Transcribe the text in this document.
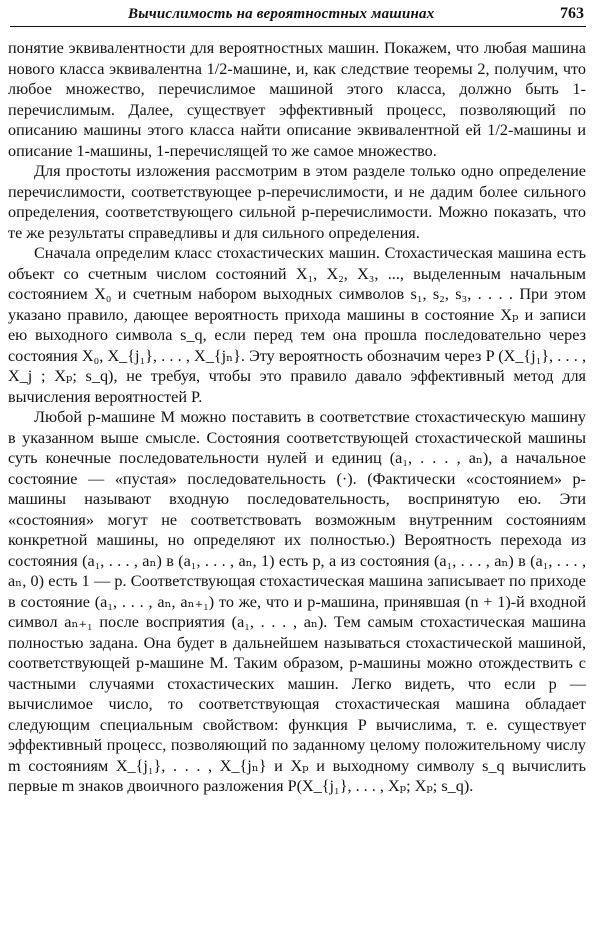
Вычислимость на вероятностных машинах	763

понятие эквивалентности для вероятностных машин. Покажем, что любая машина нового класса эквивалентна 1/2-машине, и, как следствие теоремы 2, получим, что любое множество, перечислимое машиной этого класса, должно быть 1-перечислимым. Далее, существует эффективный процесс, позволяющий по описанию машины этого класса найти описание эквивалентной ей 1/2-машины и описание 1-машины, 1-перечислящей то же самое множество.

Для простоты изложения рассмотрим в этом разделе только одно определение перечислимости, соответствующее p-перечислимости, и не дадим более сильного определения, соответствующего сильной p-перечислимости. Можно показать, что те же результаты справедливы и для сильного определения.

Сначала определим класс стохастических машин. Стохастическая машина есть объект со счетным числом состояний X₁, X₂, X₃, ..., выделенным начальным состоянием X₀ и счетным набором выходных символов s₁, s₂, s₃, . . . . При этом указано правило, дающее вероятность прихода машины в состояние Xₚ и записи ею выходного символа s_q, если перед тем она прошла последовательно через состояния X₀, X_{j₁}, . . . , X_{jₙ}. Эту вероятность обозначим через P (X_{j₁}, . . . , X_j ; Xₚ; s_q), не требуя, чтобы это правило давало эффективный метод для вычисления вероятностей P.

Любой p-машине M можно поставить в соответствие стохастическую машину в указанном выше смысле. Состояния соответствующей стохастической машины суть конечные последовательности нулей и единиц (a₁, . . . , aₙ), а начальное состояние — «пустая» последовательность (·). (Фактически «состоянием» p-машины называют входную последовательность, воспринятую ею. Эти «состояния» могут не соответствовать возможным внутренним состояниям конкретной машины, но определяют их полностью.) Вероятность перехода из состояния (a₁, . . . , aₙ) в (a₁, . . . , aₙ, 1) есть p, а из состояния (a₁, . . . , aₙ) в (a₁, . . . , aₙ, 0) есть 1 — p. Соответствующая стохастическая машина записывает по приходе в состояние (a₁, . . . , aₙ, aₙ₊₁) то же, что и p-машина, принявшая (n + 1)-й входной символ aₙ₊₁ после восприятия (a₁, . . . , aₙ). Тем самым стохастическая машина полностью задана. Она будет в дальнейшем называться стохастической машиной, соответствующей p-машине M. Таким образом, p-машины можно отождествить с частными случаями стохастических машин. Легко видеть, что если p — вычислимое число, то соответствующая стохастическая машина обладает следующим специальным свойством: функция P вычислима, т. е. существует эффективный процесс, позволяющий по заданному целому положительному числу m состояниям X_{j₁}, . . . , X_{jₙ} и Xₚ и выходному символу s_q вычислить первые m знаков двоичного разложения P(X_{j₁}, . . . , Xₚ; Xₚ; s_q).
